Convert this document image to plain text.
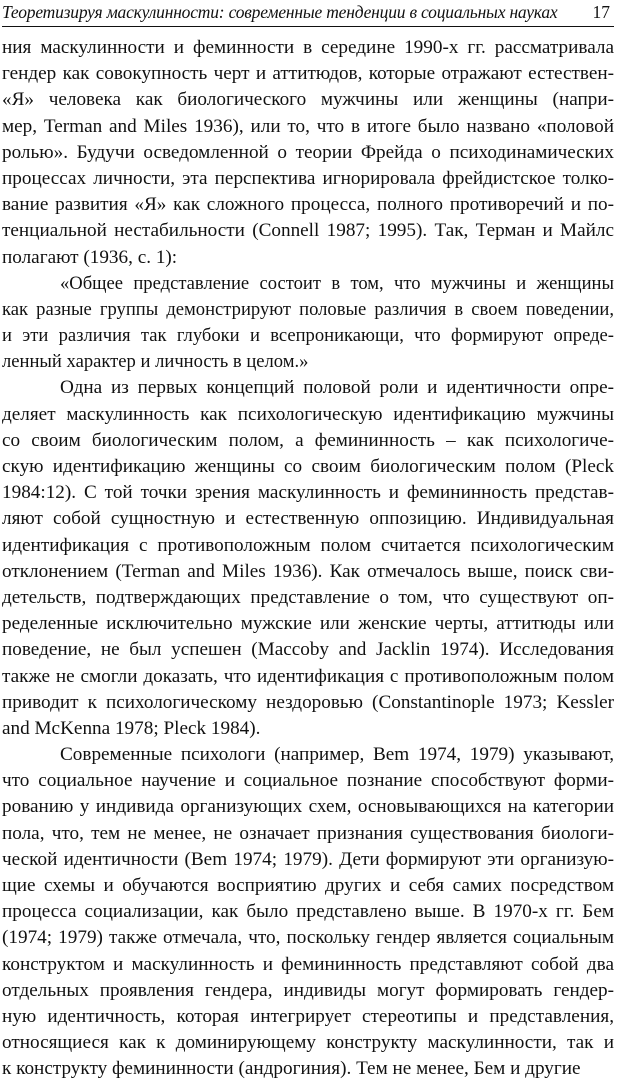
Теоретизируя маскулинности: современные тенденции в социальных науках 17
ния маскулинности и феминности в середине 1990-х гг. рассматривала
гендер как совокупность черт и аттитюдов, которые отражают естествен-
«Я» человека как биологического мужчины или женщины (напри-
мер, Terman and Miles 1936), или то, что в итоге было названо «половой
ролью». Будучи осведомленной о теории Фрейда о психодинамических
процессах личности, эта перспектива игнорировала фрейдистское толко-
вание развития «Я» как сложного процесса, полного противоречий и по-
тенциальной нестабильности (Connell 1987; 1995). Так, Терман и Майлс
полагают (1936, с. 1):
«Общее представление состоит в том, что мужчины и женщины
как разные группы демонстрируют половые различия в своем поведении,
и эти различия так глубоки и всепроникающи, что формируют опреде-
ленный характер и личность в целом.»
Одна из первых концепций половой роли и идентичности опре-
деляет маскулинность как психологическую идентификацию мужчины
со своим биологическим полом, а фемининность – как психологиче-
скую идентификацию женщины со своим биологическим полом (Pleck
1984:12). С той точки зрения маскулинность и фемининность представ-
ляют собой сущностную и естественную оппозицию. Индивидуальная
идентификация с противоположным полом считается психологическим
отклонением (Terman and Miles 1936). Как отмечалось выше, поиск сви-
детельств, подтверждающих представление о том, что существуют оп-
ределенные исключительно мужские или женские черты, аттитюды или
поведение, не был успешен (Maccoby and Jacklin 1974). Исследования
также не смогли доказать, что идентификация с противоположным полом
приводит к психологическому нездоровью (Constantinople 1973; Kessler
and McKenna 1978; Pleck 1984).
Современные психологи (например, Bem 1974, 1979) указывают,
что социальное научение и социальное познание способствуют форми-
рованию у индивида организующих схем, основывающихся на категории
пола, что, тем не менее, не означает признания существования биологи-
ческой идентичности (Bem 1974; 1979). Дети формируют эти организую-
щие схемы и обучаются восприятию других и себя самих посредством
процесса социализации, как было представлено выше. В 1970-х гг. Бем
(1974; 1979) также отмечала, что, поскольку гендер является социальным
конструктом и маскулинность и фемининность представляют собой два
отдельных проявления гендера, индивиды могут формировать гендер-
ную идентичность, которая интегрирует стереотипы и представления,
относящиеся как к доминирующему конструкту маскулинности, так и
к конструкту фемининности (андрогиния). Тем не менее, Бем и другие
